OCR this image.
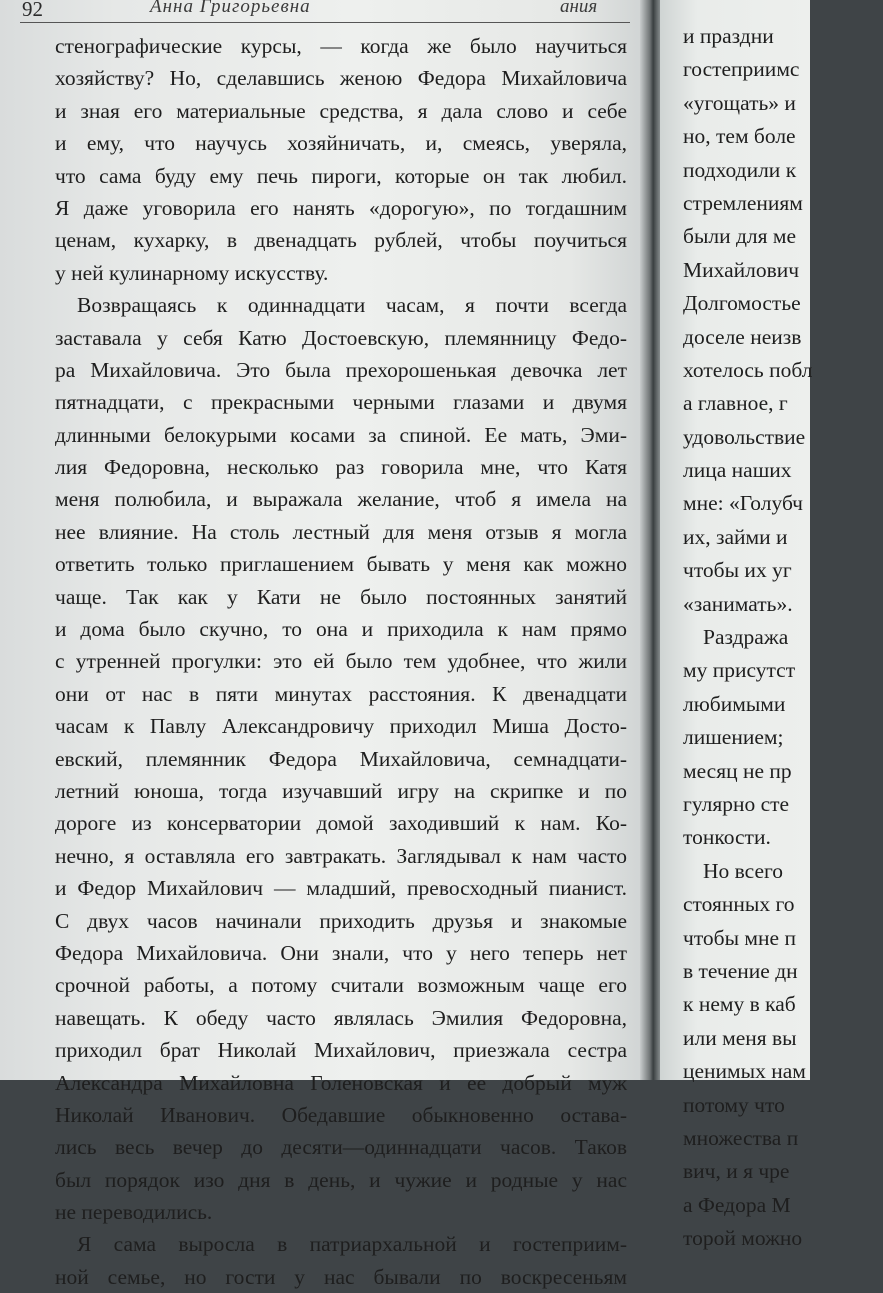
92	Анна Григорьевна	ания
стенографические курсы, — когда же было научиться
хозяйству? Но, сделавшись женою Федора Михайловича
и зная его материальные средства, я дала слово и себе
и ему, что научусь хозяйничать, и, смеясь, уверяла,
что сама буду ему печь пироги, которые он так любил.
Я даже уговорила его нанять «дорогую», по тогдашним
ценам, кухарку, в двенадцать рублей, чтобы поучиться
у ней кулинарному искусству.
Возвращаясь к одиннадцати часам, я почти всегда
заставала у себя Катю Достоевскую, племянницу Федо-
ра Михайловича. Это была прехорошенькая девочка лет
пятнадцати, с прекрасными черными глазами и двумя
длинными белокурыми косами за спиной. Ее мать, Эми-
лия Федоровна, несколько раз говорила мне, что Катя
меня полюбила, и выражала желание, чтоб я имела на
нее влияние. На столь лестный для меня отзыв я могла
ответить только приглашением бывать у меня как можно
чаще. Так как у Кати не было постоянных занятий
и дома было скучно, то она и приходила к нам прямо
с утренней прогулки: это ей было тем удобнее, что жили
они от нас в пяти минутах расстояния. К двенадцати
часам к Павлу Александровичу приходил Миша Досто-
евский, племянник Федора Михайловича, семнадцати-
летний юноша, тогда изучавший игру на скрипке и по
дороге из консерватории домой заходивший к нам. Ко-
нечно, я оставляла его завтракать. Заглядывал к нам часто
и Федор Михайлович — младший, превосходный пианист.
С двух часов начинали приходить друзья и знакомые
Федора Михайловича. Они знали, что у него теперь нет
срочной работы, а потому считали возможным чаще его
навещать. К обеду часто являлась Эмилия Федоровна,
приходил брат Николай Михайлович, приезжала сестра
Александра Михайловна Голеновская и ее добрый муж
Николай Иванович. Обедавшие обыкновенно остава-
лись весь вечер до десяти—одиннадцати часов. Таков
был порядок изо дня в день, и чужие и родные у нас
не переводились.
Я сама выросла в патриархальной и гостеприим-
ной семье, но гости у нас бывали по воскресеньям
и праздни
гостеприимс
«угощать» и
но, тем боле
подходили к
стремлениям
были для ме
Михайлович
Долгомостье
доселе неизв
хотелось побл
а главное, г
удовольствие
лица наших
мне: «Голубч
их, займи и
чтобы их уг
«занимать».
Раздража
му присутст
любимыми
лишением;
месяц не пр
гулярно сте
тонкости.
Но всего
стоянных го
чтобы мне п
в течение дн
к нему в каб
или меня вы
ценимых нам
потому что
множества п
вич, и я чре
а Федора М
торой можно
